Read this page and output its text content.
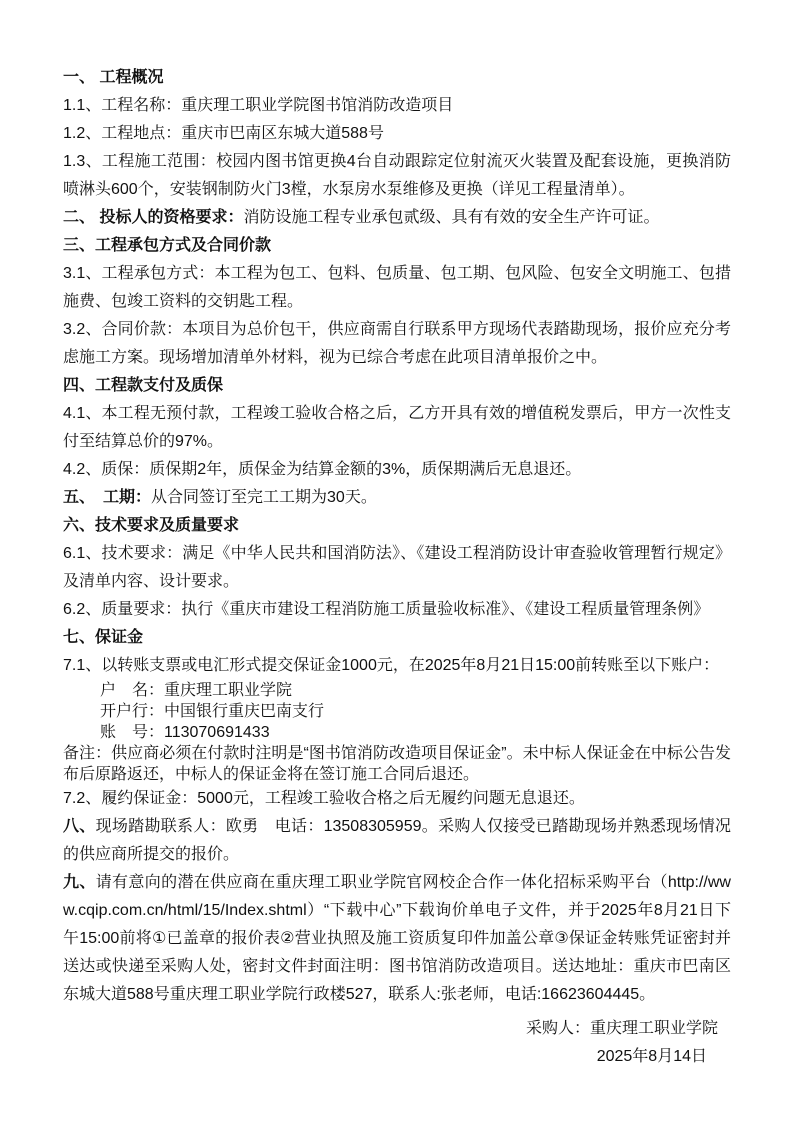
一、 工程概况

1.1、工程名称：重庆理工职业学院图书馆消防改造项目

1.2、工程地点：重庆市巴南区东城大道588号

1.3、工程施工范围：校园内图书馆更换4台自动跟踪定位射流灭火装置及配套设施，更换消防喷淋头600个，安装钢制防火门3樘，水泵房水泵维修及更换（详见工程量清单）。

二、 投标人的资格要求：消防设施工程专业承包贰级、具有有效的安全生产许可证。

三、工程承包方式及合同价款

3.1、工程承包方式：本工程为包工、包料、包质量、包工期、包风险、包安全文明施工、包措施费、包竣工资料的交钥匙工程。

3.2、合同价款：本项目为总价包干，供应商需自行联系甲方现场代表踏勘现场，报价应充分考虑施工方案。现场增加清单外材料，视为已综合考虑在此项目清单报价之中。

四、工程款支付及质保

4.1、本工程无预付款，工程竣工验收合格之后，乙方开具有效的增值税发票后，甲方一次性支付至结算总价的97%。

4.2、质保：质保期2年，质保金为结算金额的3%，质保期满后无息退还。

五、　工期：从合同签订至完工工期为30天。

六、技术要求及质量要求

6.1、技术要求：满足《中华人民共和国消防法》、《建设工程消防设计审查验收管理暂行规定》及清单内容、设计要求。

6.2、质量要求：执行《重庆市建设工程消防施工质量验收标准》、《建设工程质量管理条例》

七、保证金

7.1、以转账支票或电汇形式提交保证金1000元，在2025年8月21日15:00前转账至以下账户：

户　名：重庆理工职业学院

开户行：中国银行重庆巴南支行

账　号：113070691433

备注：供应商必须在付款时注明是“图书馆消防改造项目保证金”。未中标人保证金在中标公告发布后原路返还，中标人的保证金将在签订施工合同后退还。

7.2、履约保证金：5000元，工程竣工验收合格之后无履约问题无息退还。

八、现场踏勘联系人：欧勇　电话：13508305959。采购人仅接受已踏勘现场并熟悉现场情况的供应商所提交的报价。

九、请有意向的潜在供应商在重庆理工职业学院官网校企合作一体化招标采购平台（http://www.cqip.com.cn/html/15/Index.shtml）“下载中心”下载询价单电子文件，并于2025年8月21日下午15:00前将①已盖章的报价表②营业执照及施工资质复印件加盖公章③保证金转账凭证密封并送达或快递至采购人处，密封文件封面注明：图书馆消防改造项目。送达地址：重庆市巴南区东城大道588号重庆理工职业学院行政楼527，联系人:张老师，电话:16623604445。

采购人：重庆理工职业学院

2025年8月14日
